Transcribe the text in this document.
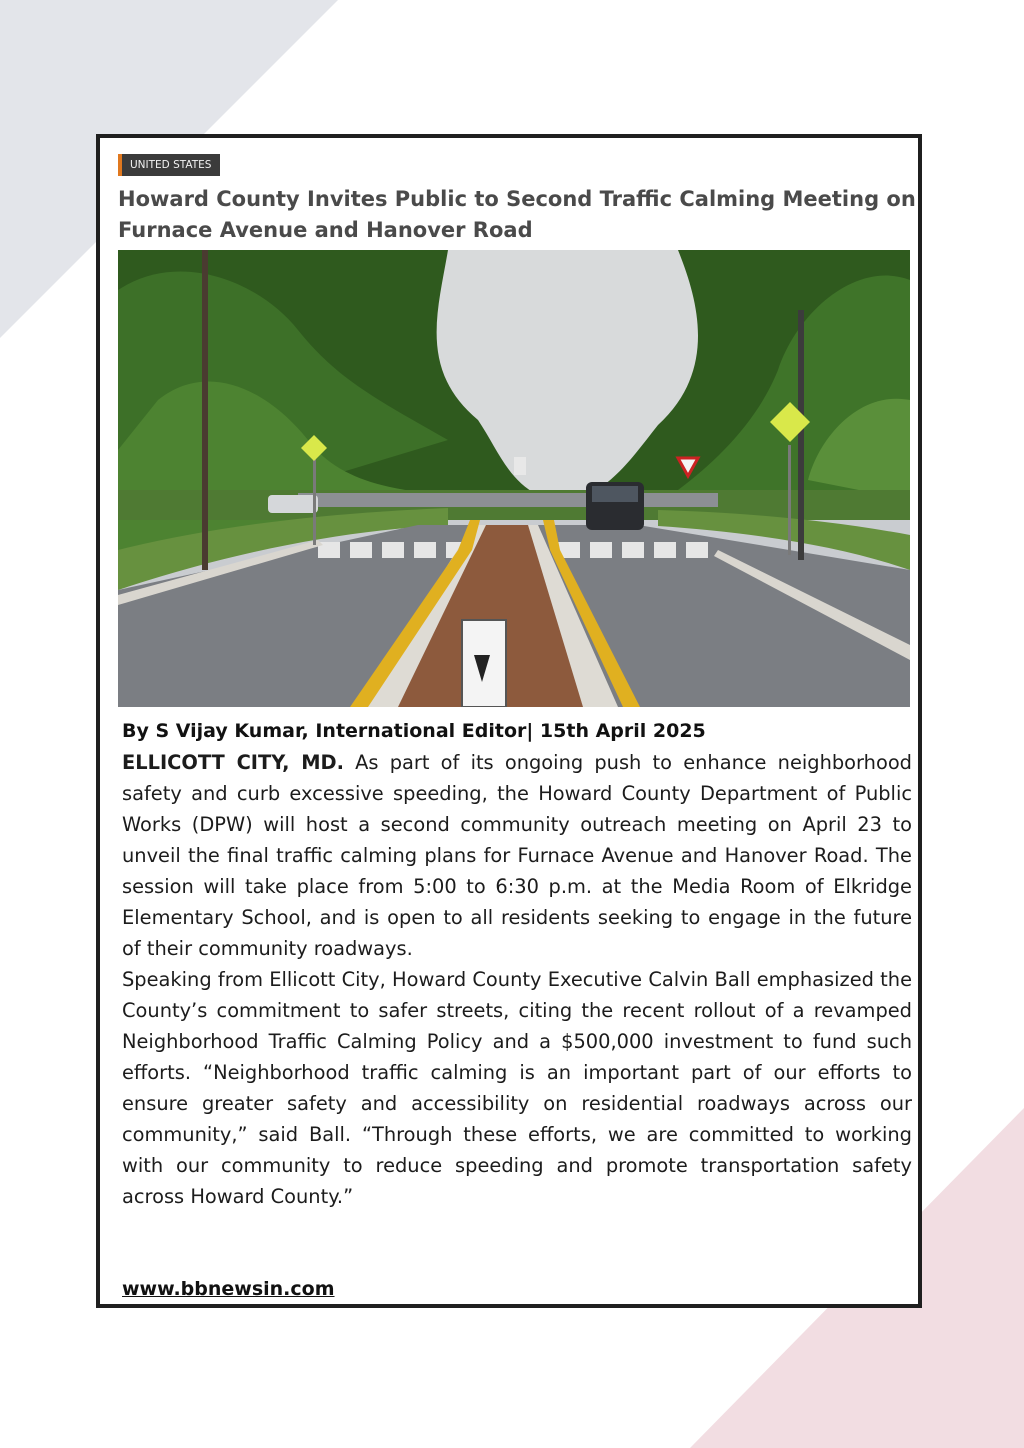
UNITED STATES
Howard County Invites Public to Second Traffic Calming Meeting on Furnace Avenue and Hanover Road
By S Vijay Kumar, International Editor| 15th April 2025

ELLICOTT CITY, MD. As part of its ongoing push to enhance neighborhood safety and curb excessive speeding, the Howard County Department of Public Works (DPW) will host a second community outreach meeting on April 23 to unveil the final traffic calming plans for Furnace Avenue and Hanover Road. The session will take place from 5:00 to 6:30 p.m. at the Media Room of Elkridge Elementary School, and is open to all residents seeking to engage in the future of their community roadways.

Speaking from Ellicott City, Howard County Executive Calvin Ball emphasized the County’s commitment to safer streets, citing the recent rollout of a revamped Neighborhood Traffic Calming Policy and a $500,000 investment to fund such efforts. “Neighborhood traffic calming is an important part of our efforts to ensure greater safety and accessibility on residential roadways across our community,” said Ball. “Through these efforts, we are committed to working with our community to reduce speeding and promote transportation safety across Howard County.”

www.bbnewsin.com
